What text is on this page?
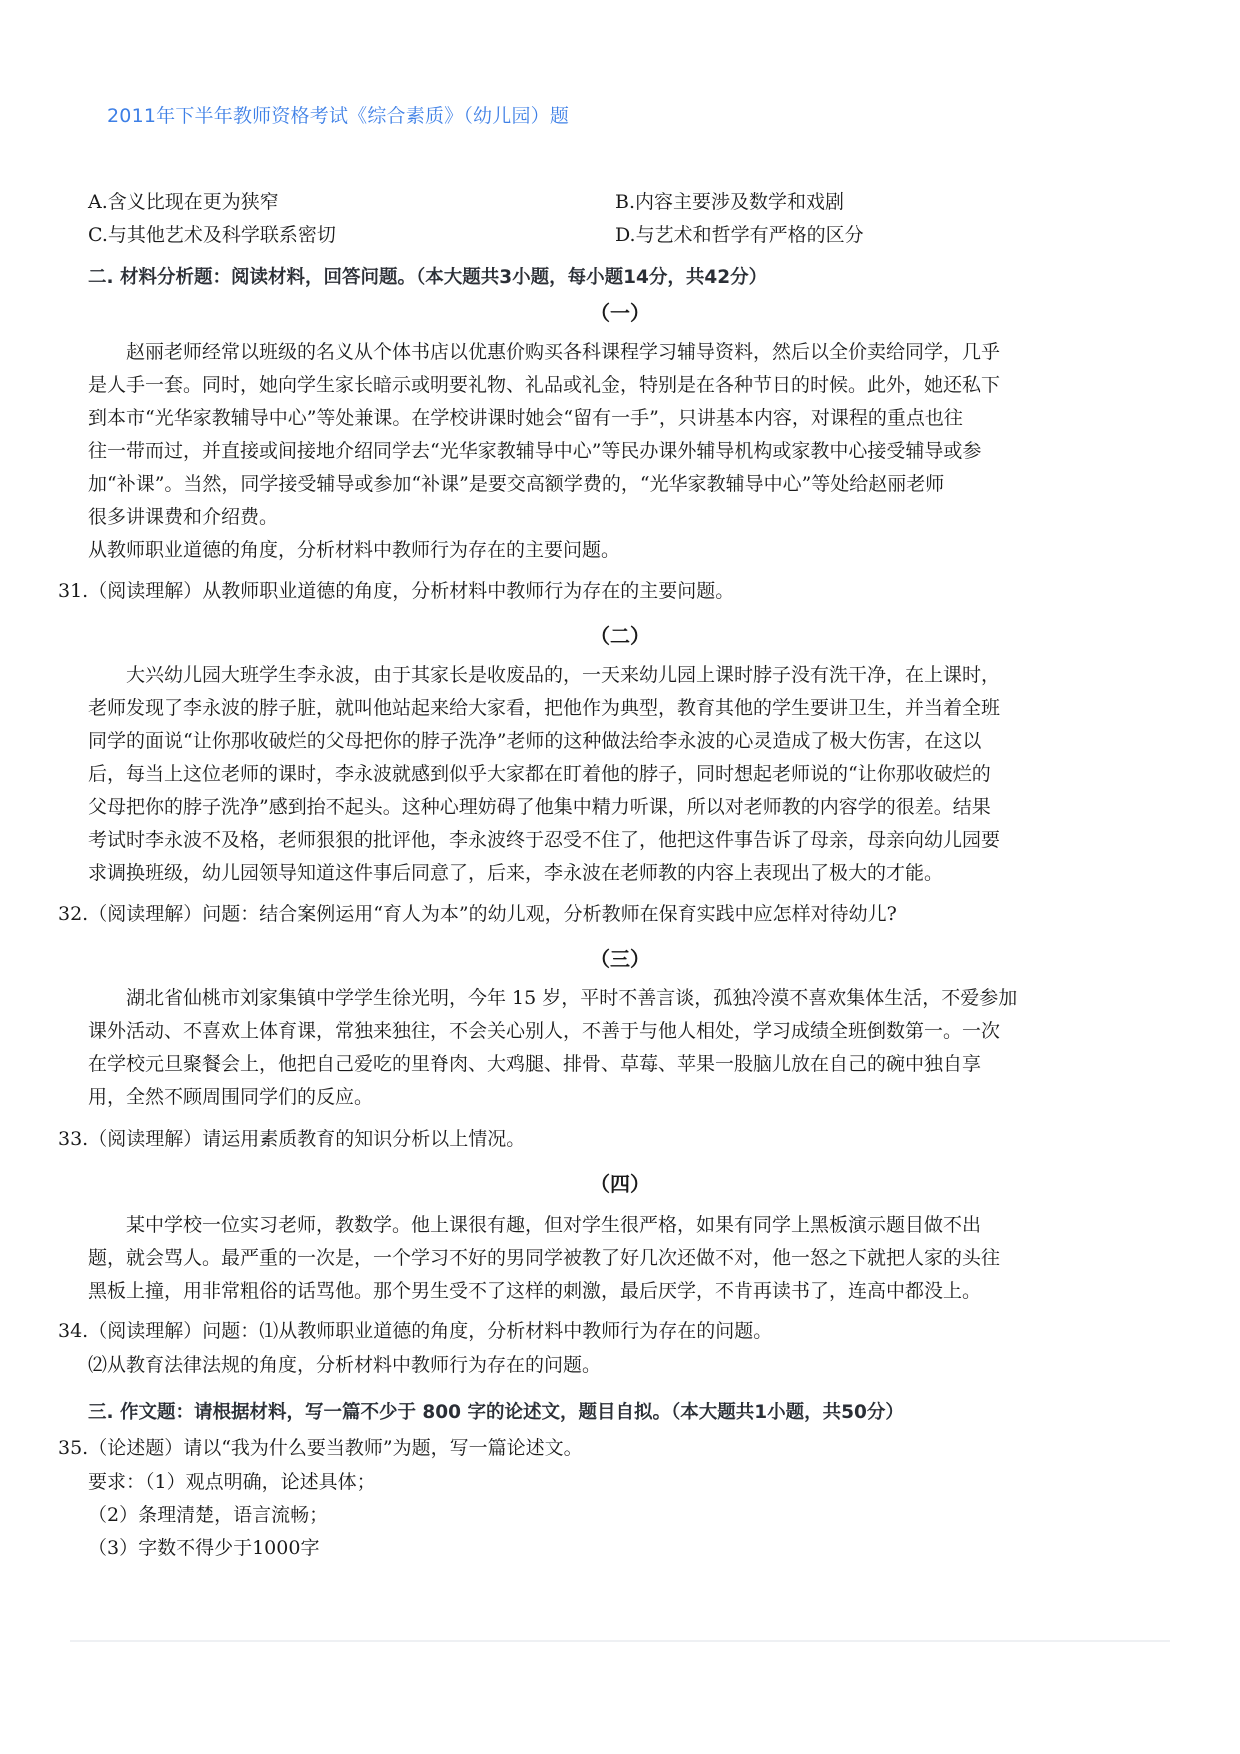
2011年下半年教师资格考试《综合素质》（幼儿园）题
A.含义比现在更为狭窄	B.内容主要涉及数学和戏剧
C.与其他艺术及科学联系密切	D.与艺术和哲学有严格的区分
二. 材料分析题：阅读材料，回答问题。（本大题共3小题，每小题14分，共42分）
（一）
赵丽老师经常以班级的名义从个体书店以优惠价购买各科课程学习辅导资料，然后以全价卖给同学，几乎
是人手一套。同时，她向学生家长暗示或明要礼物、礼品或礼金，特别是在各种节日的时候。此外，她还私下
到本市“光华家教辅导中心”等处兼课。在学校讲课时她会“留有一手”，只讲基本内容，对课程的重点也往
往一带而过，并直接或间接地介绍同学去“光华家教辅导中心”等民办课外辅导机构或家教中心接受辅导或参
加“补课”。当然，同学接受辅导或参加“补课”是要交高额学费的，“光华家教辅导中心”等处给赵丽老师
很多讲课费和介绍费。
从教师职业道德的角度，分析材料中教师行为存在的主要问题。
31.（阅读理解）从教师职业道德的角度，分析材料中教师行为存在的主要问题。
（二）
大兴幼儿园大班学生李永波，由于其家长是收废品的，一天来幼儿园上课时脖子没有洗干净，在上课时，
老师发现了李永波的脖子脏，就叫他站起来给大家看，把他作为典型，教育其他的学生要讲卫生，并当着全班
同学的面说“让你那收破烂的父母把你的脖子洗净”老师的这种做法给李永波的心灵造成了极大伤害，在这以
后，每当上这位老师的课时，李永波就感到似乎大家都在盯着他的脖子，同时想起老师说的“让你那收破烂的
父母把你的脖子洗净”感到抬不起头。这种心理妨碍了他集中精力听课，所以对老师教的内容学的很差。结果
考试时李永波不及格，老师狠狠的批评他，李永波终于忍受不住了，他把这件事告诉了母亲，母亲向幼儿园要
求调换班级，幼儿园领导知道这件事后同意了，后来，李永波在老师教的内容上表现出了极大的才能。
32.（阅读理解）问题：结合案例运用“育人为本”的幼儿观，分析教师在保育实践中应怎样对待幼儿?
（三）
湖北省仙桃市刘家集镇中学学生徐光明，今年 15 岁，平时不善言谈，孤独冷漠不喜欢集体生活，不爱参加
课外活动、不喜欢上体育课，常独来独往，不会关心别人，不善于与他人相处，学习成绩全班倒数第一。一次
在学校元旦聚餐会上，他把自己爱吃的里脊肉、大鸡腿、排骨、草莓、苹果一股脑儿放在自己的碗中独自享
用，全然不顾周围同学们的反应。
33.（阅读理解）请运用素质教育的知识分析以上情况。
（四）
某中学校一位实习老师，教数学。他上课很有趣，但对学生很严格，如果有同学上黑板演示题目做不出
题，就会骂人。最严重的一次是，一个学习不好的男同学被教了好几次还做不对，他一怒之下就把人家的头往
黑板上撞，用非常粗俗的话骂他。那个男生受不了这样的刺激，最后厌学，不肯再读书了，连高中都没上。
34.（阅读理解）问题：⑴从教师职业道德的角度，分析材料中教师行为存在的问题。
⑵从教育法律法规的角度，分析材料中教师行为存在的问题。
三. 作文题：请根据材料，写一篇不少于 800 字的论述文，题目自拟。（本大题共1小题，共50分）
35.（论述题）请以“我为什么要当教师”为题，写一篇论述文。
要求：（1）观点明确，论述具体；
（2）条理清楚，语言流畅；
（3）字数不得少于1000字
